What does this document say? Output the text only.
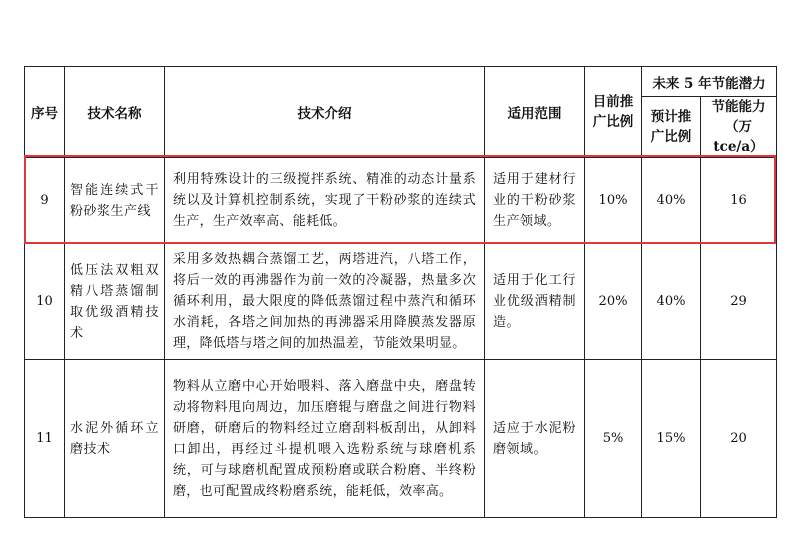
序号	技术名称	技术介绍	适用范围	目前推广比例	未来 5 年节能潜力	
					预计推广比例	节能能力（万 tce/a）
9	智能连续式干粉砂浆生产线	利用特殊设计的三级搅拌系统、精准的动态计量系统以及计算机控制系统，实现了干粉砂浆的连续式生产，生产效率高、能耗低。	适用于建材行业的干粉砂浆生产领域。	10%	40%	16
10	低压法双粗双精八塔蒸馏制取优级酒精技术	采用多效热耦合蒸馏工艺，两塔进汽，八塔工作，将后一效的再沸器作为前一效的冷凝器，热量多次循环利用，最大限度的降低蒸馏过程中蒸汽和循环水消耗，各塔之间加热的再沸器采用降膜蒸发器原理，降低塔与塔之间的加热温差，节能效果明显。	适用于化工行业优级酒精制造。	20%	40%	29
11	水泥外循环立磨技术	物料从立磨中心开始喂料、落入磨盘中央，磨盘转动将物料甩向周边，加压磨辊与磨盘之间进行物料研磨，研磨后的物料经过立磨刮料板刮出，从卸料口卸出，再经过斗提机喂入选粉系统与球磨机系统，可与球磨机配置成预粉磨或联合粉磨、半终粉磨，也可配置成终粉磨系统，能耗低，效率高。	适应于水泥粉磨领域。	5%	15%	20
